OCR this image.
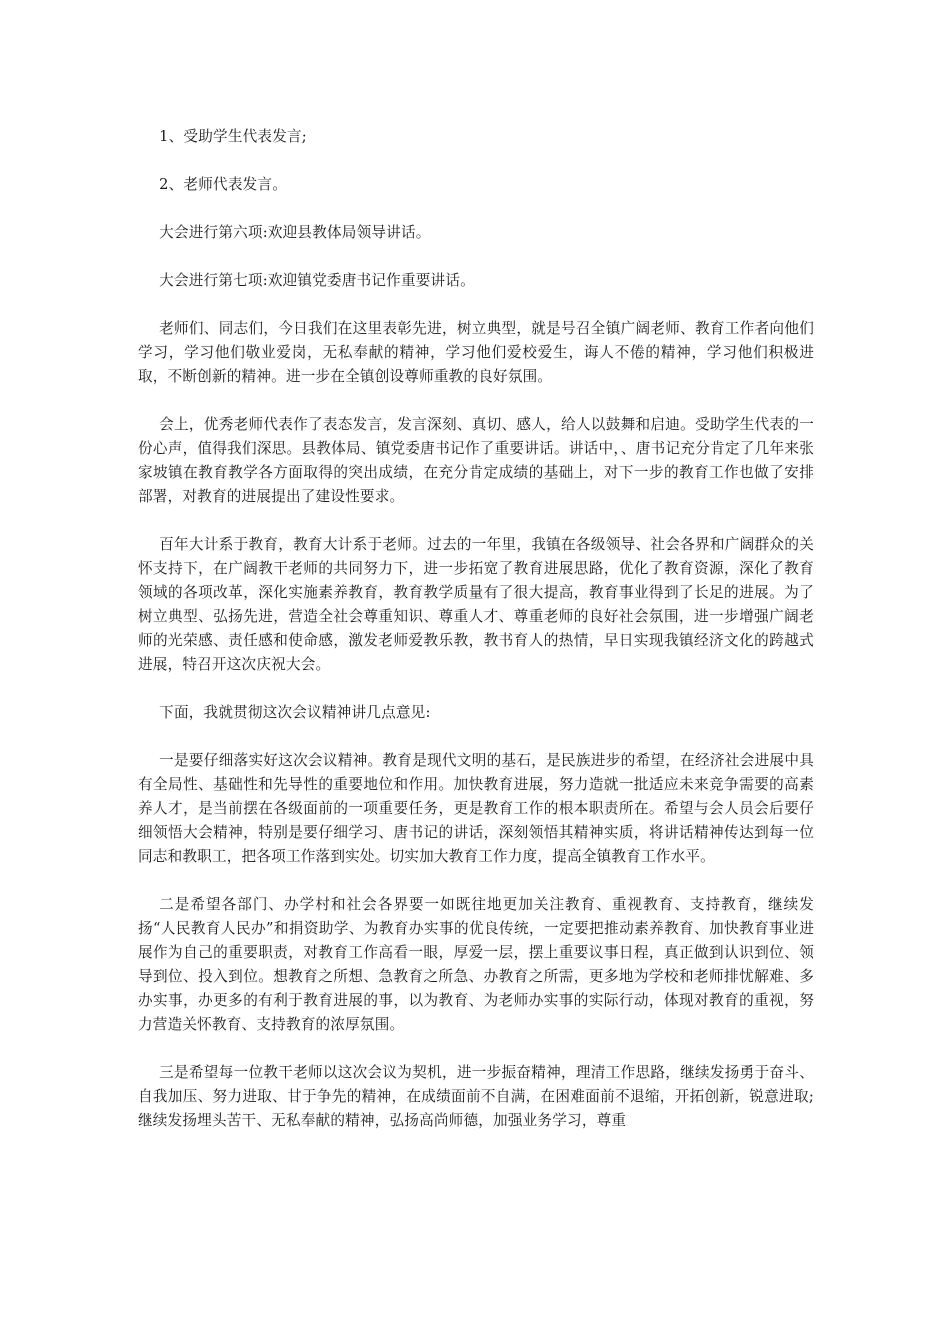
1、受助学生代表发言;

2、老师代表发言。

大会进行第六项:欢迎县教体局领导讲话。

大会进行第七项:欢迎镇党委唐书记作重要讲话。

老师们、同志们，今日我们在这里表彰先进，树立典型，就是号召全镇广阔老师、教育工作者向他们学习，学习他们敬业爱岗，无私奉献的精神，学习他们爱校爱生，诲人不倦的精神，学习他们积极进取，不断创新的精神。进一步在全镇创设尊师重教的良好氛围。

会上，优秀老师代表作了表态发言，发言深刻、真切、感人，给人以鼓舞和启迪。受助学生代表的一份心声，值得我们深思。县教体局、镇党委唐书记作了重要讲话。讲话中，、唐书记充分肯定了几年来张家坡镇在教育教学各方面取得的突出成绩，在充分肯定成绩的基础上，对下一步的教育工作也做了安排部署，对教育的进展提出了建设性要求。

百年大计系于教育，教育大计系于老师。过去的一年里，我镇在各级领导、社会各界和广阔群众的关怀支持下，在广阔教干老师的共同努力下，进一步拓宽了教育进展思路，优化了教育资源，深化了教育领域的各项改革，深化实施素养教育，教育教学质量有了很大提高，教育事业得到了长足的进展。为了树立典型、弘扬先进，营造全社会尊重知识、尊重人才、尊重老师的良好社会氛围，进一步增强广阔老师的光荣感、责任感和使命感，激发老师爱教乐教，教书育人的热情，早日实现我镇经济文化的跨越式进展，特召开这次庆祝大会。

下面，我就贯彻这次会议精神讲几点意见:

一是要仔细落实好这次会议精神。教育是现代文明的基石，是民族进步的希望，在经济社会进展中具有全局性、基础性和先导性的重要地位和作用。加快教育进展，努力造就一批适应未来竞争需要的高素养人才，是当前摆在各级面前的一项重要任务，更是教育工作的根本职责所在。希望与会人员会后要仔细领悟大会精神，特别是要仔细学习、唐书记的讲话，深刻领悟其精神实质，将讲话精神传达到每一位同志和教职工，把各项工作落到实处。切实加大教育工作力度，提高全镇教育工作水平。

二是希望各部门、办学村和社会各界要一如既往地更加关注教育、重视教育、支持教育，继续发扬“人民教育人民办”和捐资助学、为教育办实事的优良传统，一定要把推动素养教育、加快教育事业进展作为自己的重要职责，对教育工作高看一眼，厚爱一层，摆上重要议事日程，真正做到认识到位、领导到位、投入到位。想教育之所想、急教育之所急、办教育之所需，更多地为学校和老师排忧解难、多办实事，办更多的有利于教育进展的事，以为教育、为老师办实事的实际行动，体现对教育的重视，努力营造关怀教育、支持教育的浓厚氛围。

三是希望每一位教干老师以这次会议为契机，进一步振奋精神，理清工作思路，继续发扬勇于奋斗、自我加压、努力进取、甘于争先的精神，在成绩面前不自满，在困难面前不退缩，开拓创新，锐意进取;继续发扬埋头苦干、无私奉献的精神，弘扬高尚师德，加强业务学习，尊重
